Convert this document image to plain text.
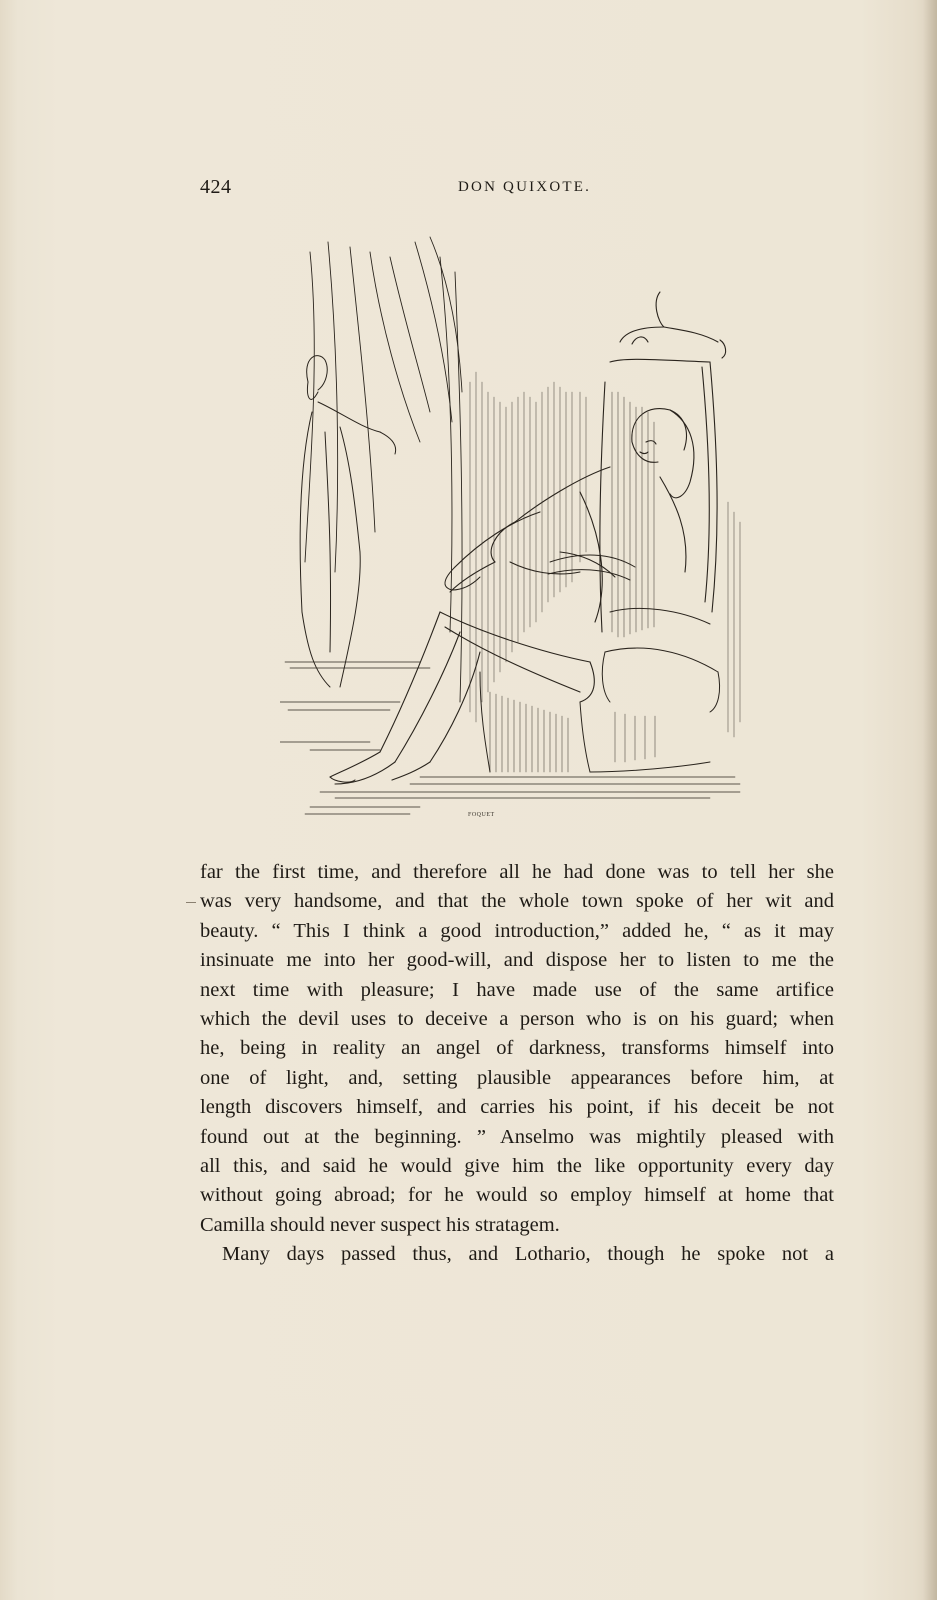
424	DON QUIXOTE.
FOQUET
far the first time, and therefore all he had done was to tell her she
was very handsome, and that the whole town spoke of her wit and
beauty. “ This I think a good introduction,” added he, “ as it may
insinuate me into her good-will, and dispose her to listen to me the
next time with pleasure; I have made use of the same artifice
which the devil uses to deceive a person who is on his guard; when
he, being in reality an angel of darkness, transforms himself into
one of light, and, setting plausible appearances before him, at
length discovers himself, and carries his point, if his deceit be not
found out at the beginning. ” Anselmo was mightily pleased with
all this, and said he would give him the like opportunity every day
without going abroad; for he would so employ himself at home that
Camilla should never suspect his stratagem.
Many days passed thus, and Lothario, though he spoke not a
